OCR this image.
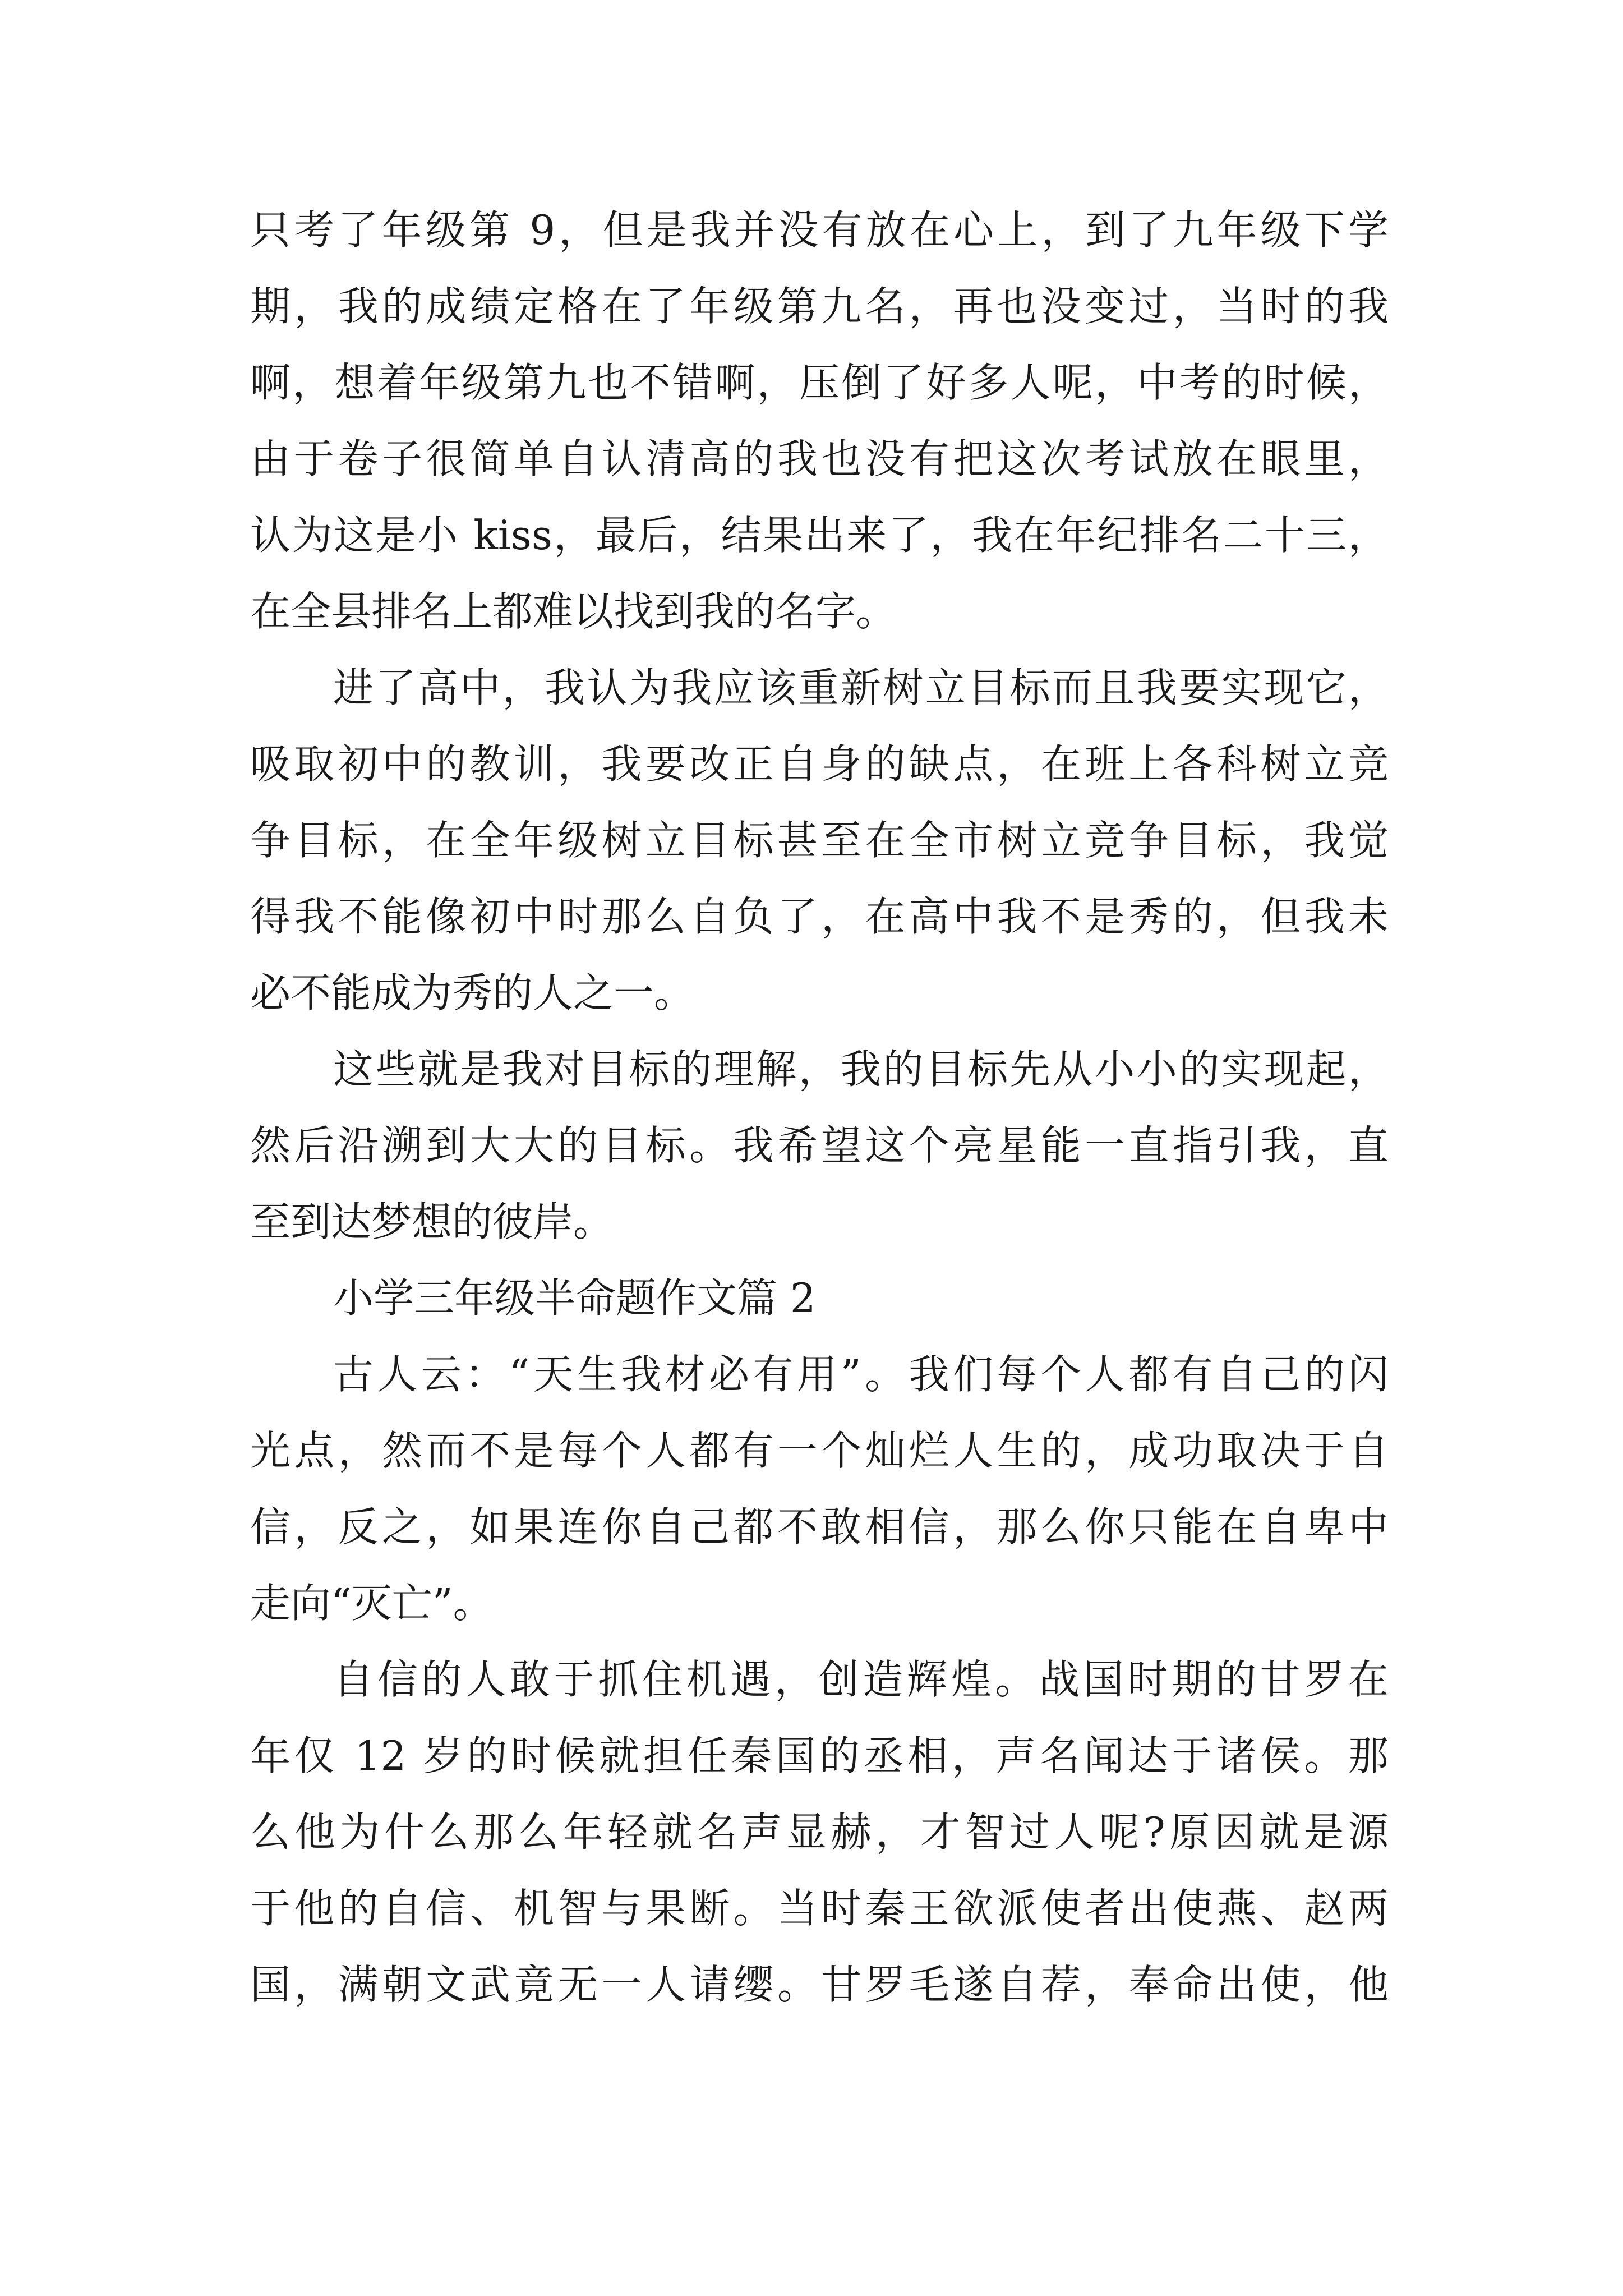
只考了年级第 9，但是我并没有放在心上，到了九年级下学
期，我的成绩定格在了年级第九名，再也没变过，当时的我
啊，想着年级第九也不错啊，压倒了好多人呢，中考的时候，
由于卷子很简单自认清高的我也没有把这次考试放在眼里，
认为这是小 kiss，最后，结果出来了，我在年纪排名二十三，
在全县排名上都难以找到我的名字。
进了高中，我认为我应该重新树立目标而且我要实现它，
吸取初中的教训，我要改正自身的缺点，在班上各科树立竞
争目标，在全年级树立目标甚至在全市树立竞争目标，我觉
得我不能像初中时那么自负了，在高中我不是秀的，但我未
必不能成为秀的人之一。
这些就是我对目标的理解，我的目标先从小小的实现起，
然后沿溯到大大的目标。我希望这个亮星能一直指引我，直
至到达梦想的彼岸。
小学三年级半命题作文篇 2
古人云：“天生我材必有用”。我们每个人都有自己的闪
光点，然而不是每个人都有一个灿烂人生的，成功取决于自
信，反之，如果连你自己都不敢相信，那么你只能在自卑中
走向“灭亡”。
自信的人敢于抓住机遇，创造辉煌。战国时期的甘罗在
年仅 12 岁的时候就担任秦国的丞相，声名闻达于诸侯。那
么他为什么那么年轻就名声显赫，才智过人呢?原因就是源
于他的自信、机智与果断。当时秦王欲派使者出使燕、赵两
国，满朝文武竟无一人请缨。甘罗毛遂自荐，奉命出使，他
